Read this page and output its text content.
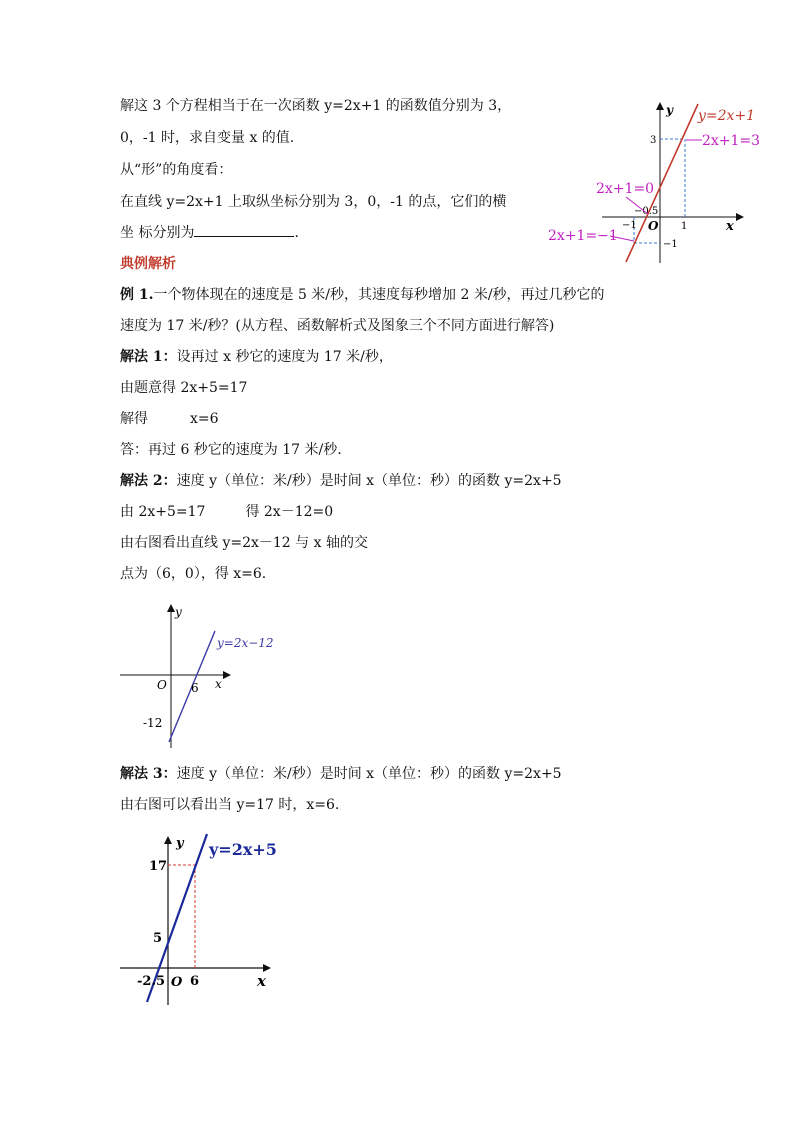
解这 3 个方程相当于在一次函数 y=2x+1 的函数值分别为 3，
0，-1 时，求自变量 x 的值.
从“形”的角度看：
在直线 y=2x+1 上取纵坐标分别为 3，0，-1 的点，它们的横
坐 标分别为	.
y
x
O
3
1
−1
−0.5
−1
y=2x+1
2x+1=3
2x+1=0
2x+1=−1
典例解析
例 1.一个物体现在的速度是 5 米/秒，其速度每秒增加 2 米/秒，再过几秒它的
速度为 17 米/秒？(从方程、函数解析式及图象三个不同方面进行解答)
解法 1：设再过 x 秒它的速度为 17 米/秒，
由题意得 2x+5=17
解得	x=6
答：再过 6 秒它的速度为 17 米/秒.
解法 2：速度 y（单位：米/秒）是时间 x（单位：秒）的函数 y=2x+5
由 2x+5=17	得 2x－12=0
由右图看出直线 y=2x－12 与 x 轴的交
点为（6，0），得 x=6.
y
x
O 6
-12
y=2x−12
解法 3：速度 y（单位：米/秒）是时间 x（单位：秒）的函数 y=2x+5
由右图可以看出当 y=17 时，x=6.
y
x
O
17
5
-2.5 6
y=2x+5
